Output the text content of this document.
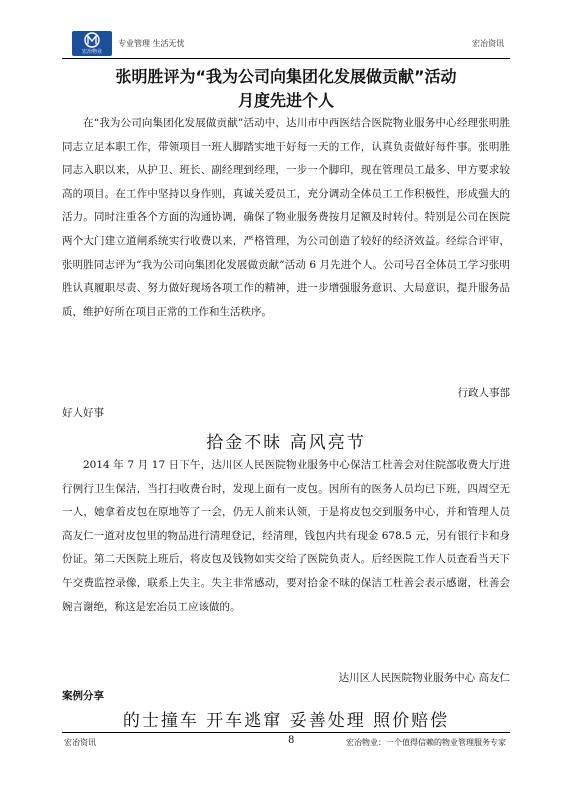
宏冶物业
专业管理 生活无忧	宏冶资讯
张明胜评为“我为公司向集团化发展做贡献”活动
月度先进个人

在“我为公司向集团化发展做贡献”活动中，达川市中西医结合医院物业服务中心经理张明胜同志立足本职工作，带领项目一班人脚踏实地干好每一天的工作，认真负责做好每件事。张明胜同志入职以来，从护卫、班长、副经理到经理，一步一个脚印，现在管理员工最多、甲方要求较高的项目。在工作中坚持以身作则，真诚关爱员工，充分调动全体员工工作积极性，形成强大的活力。同时注重各个方面的沟通协调，确保了物业服务费按月足额及时转付。特别是公司在医院两个大门建立道闸系统实行收费以来，严格管理，为公司创造了较好的经济效益。经综合评审，张明胜同志评为“我为公司向集团化发展做贡献”活动 6 月先进个人。公司号召全体员工学习张明胜认真履职尽责、努力做好现场各项工作的精神，进一步增强服务意识、大局意识，提升服务品质，维护好所在项目正常的工作和生活秩序。

行政人事部
好人好事
拾金不昧 高风亮节

2014 年 7 月 17 日下午，达川区人民医院物业服务中心保洁工杜善会对住院部收费大厅进行例行卫生保洁，当打扫收费台时，发现上面有一皮包。因所有的医务人员均已下班，四周空无一人，她拿着皮包在原地等了一会，仍无人前来认领，于是将皮包交到服务中心，并和管理人员高友仁一道对皮包里的物品进行清理登记，经清理，钱包内共有现金 678.5 元，另有银行卡和身份证。第二天医院上班后，将皮包及钱物如实交给了医院负责人。后经医院工作人员查看当天下午交费监控录像，联系上失主。失主非常感动，要对拾金不昧的保洁工杜善会表示感谢，杜善会婉言谢绝，称这是宏冶员工应该做的。

达川区人民医院物业服务中心 高友仁
案例分享
的士撞车 开车逃窜 妥善处理 照价赔偿
宏冶资讯	8	宏冶物业：一个值得信赖的物业管理服务专家
